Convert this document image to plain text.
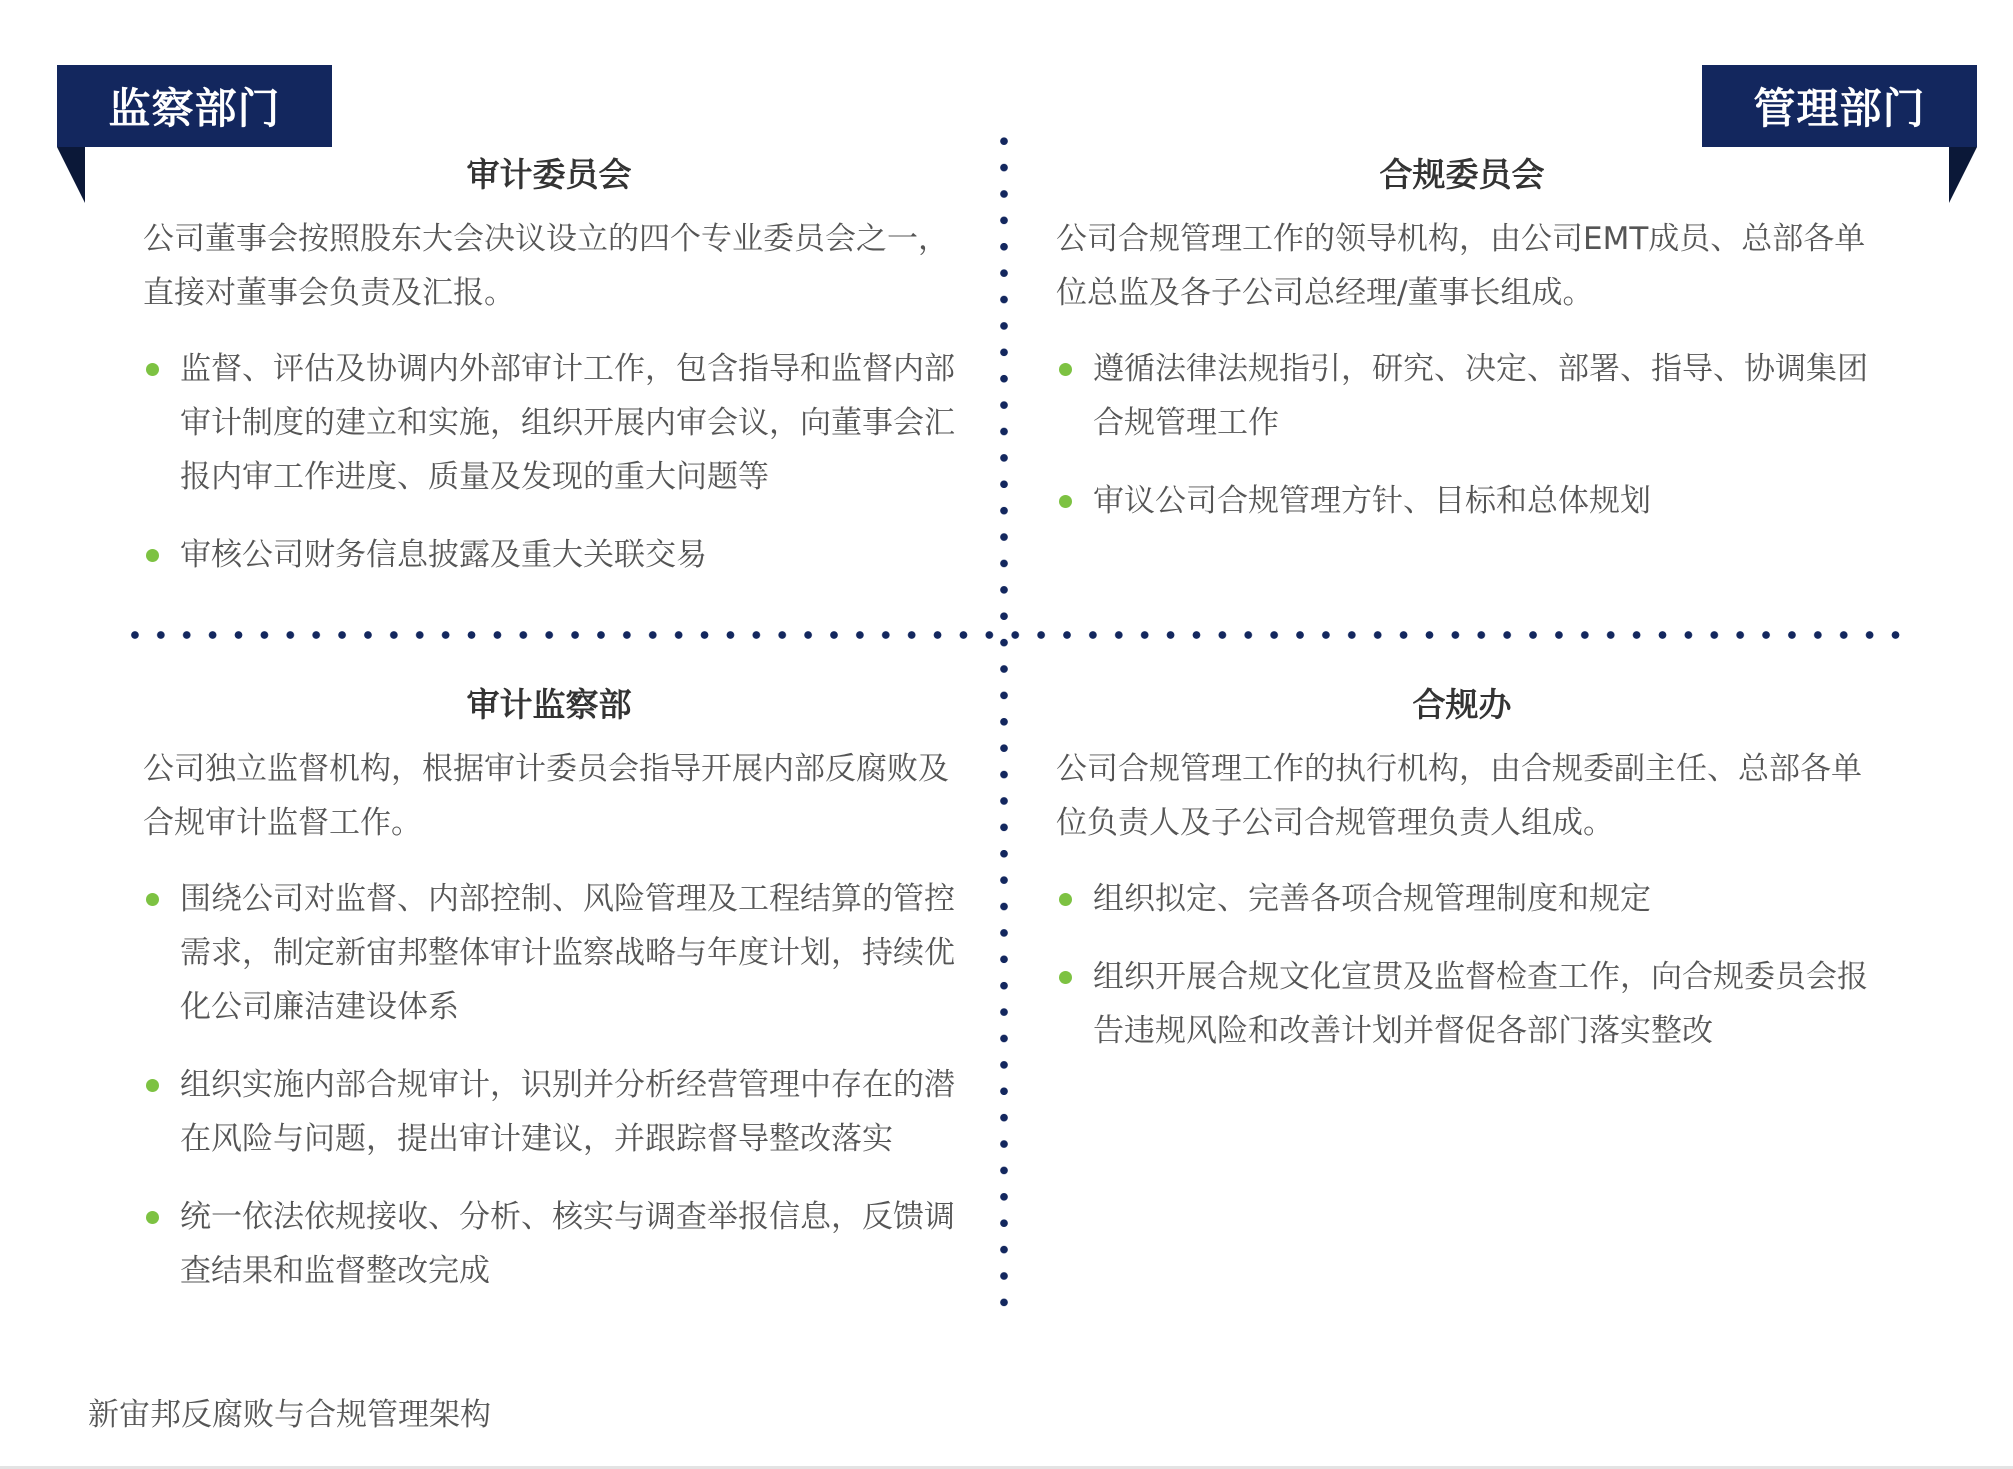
监察部门	管理部门
审计委员会

公司董事会按照股东大会决议设立的四个专业委员会之一，直接对董事会负责及汇报。

监督、评估及协调内外部审计工作，包含指导和监督内部审计制度的建立和实施，组织开展内审会议，向董事会汇报内审工作进度、质量及发现的重大问题等
审核公司财务信息披露及重大关联交易
合规委员会

公司合规管理工作的领导机构，由公司EMT成员、总部各单位总监及各子公司总经理/董事长组成。

遵循法律法规指引，研究、决定、部署、指导、协调集团合规管理工作
审议公司合规管理方针、目标和总体规划
审计监察部

公司独立监督机构，根据审计委员会指导开展内部反腐败及合规审计监督工作。

围绕公司对监督、内部控制、风险管理及工程结算的管控需求，制定新宙邦整体审计监察战略与年度计划，持续优化公司廉洁建设体系
组织实施内部合规审计，识别并分析经营管理中存在的潜在风险与问题，提出审计建议，并跟踪督导整改落实
统一依法依规接收、分析、核实与调查举报信息，反馈调查结果和监督整改完成
合规办

公司合规管理工作的执行机构，由合规委副主任、总部各单位负责人及子公司合规管理负责人组成。

组织拟定、完善各项合规管理制度和规定
组织开展合规文化宣贯及监督检查工作，向合规委员会报告违规风险和改善计划并督促各部门落实整改
新宙邦反腐败与合规管理架构
